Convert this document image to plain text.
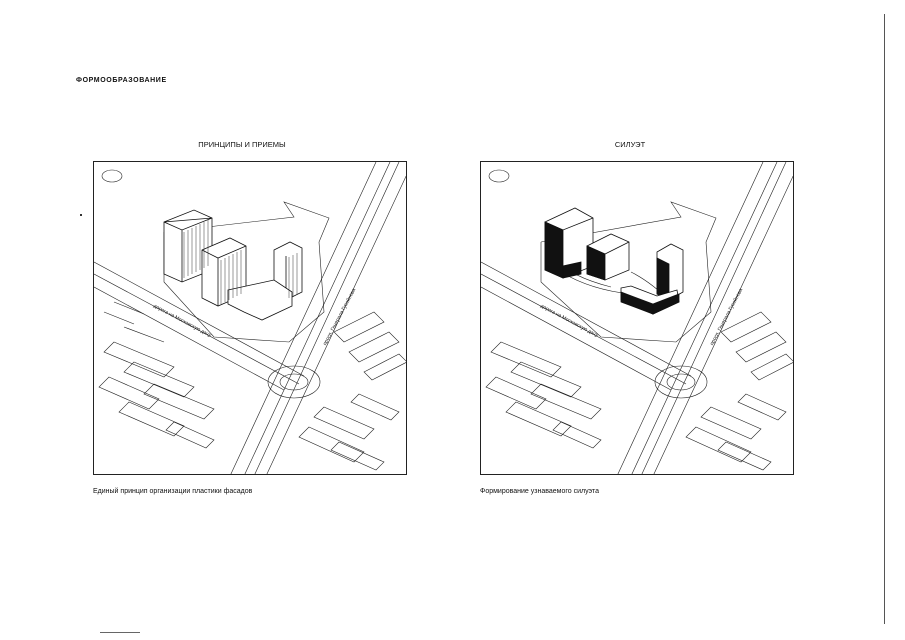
ФОРМООБРАЗОВАНИЕ
ПРИНЦИПЫ И ПРИЕМЫ	СИЛУЭТ
дорога на Московскую дачу	просп. Генерала Гусейнова	дорога на Московскую дачу	просп. Генерала Гусейнова
Единый принцип организации пластики фасадов	Формирование узнаваемого силуэта
